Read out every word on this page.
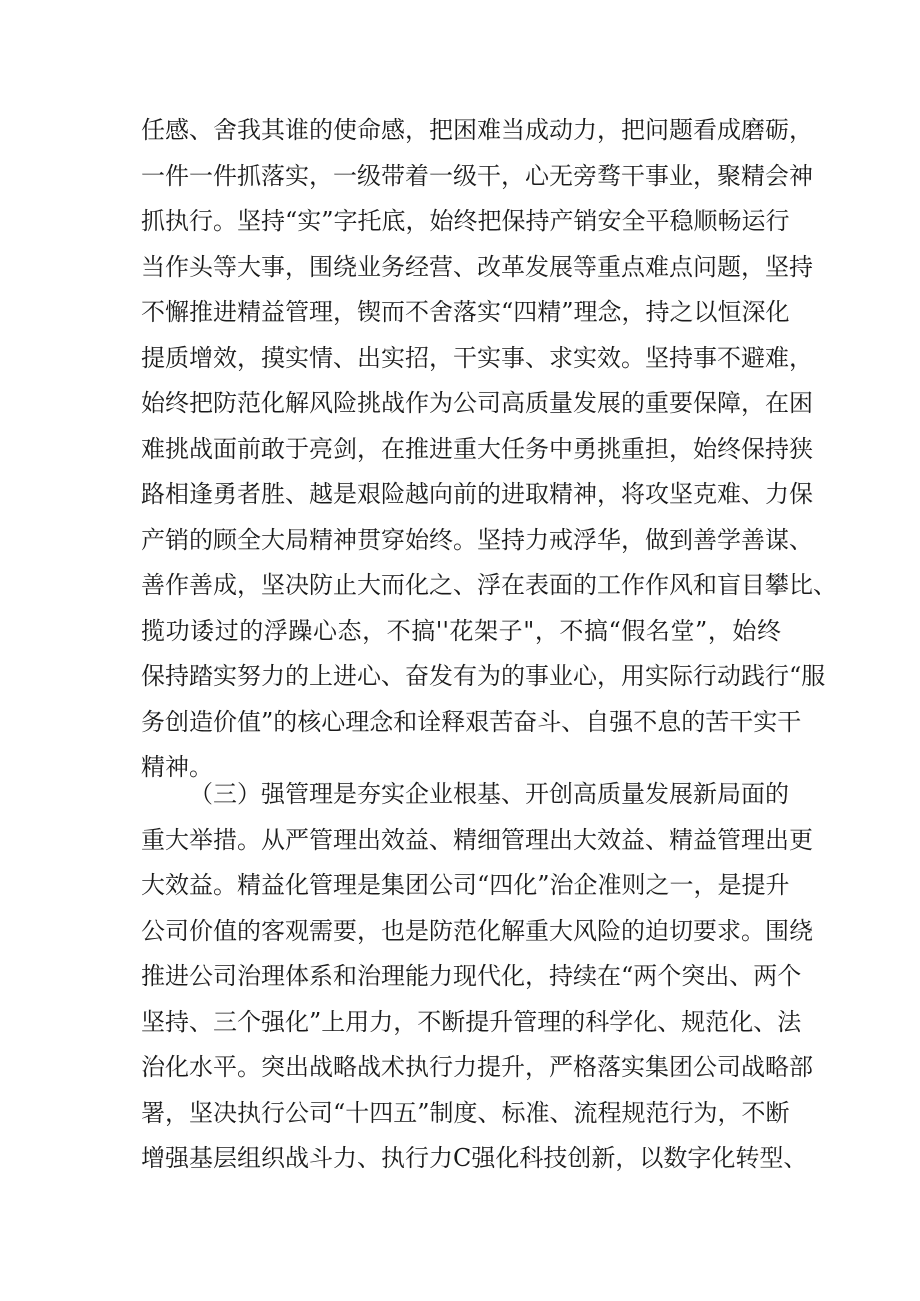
任感、舍我其谁的使命感，把困难当成动力，把问题看成磨砺，
一件一件抓落实，一级带着一级干，心无旁骛干事业，聚精会神
抓执行。坚持“实”字托底，始终把保持产销安全平稳顺畅运行
当作头等大事，围绕业务经营、改革发展等重点难点问题，坚持
不懈推进精益管理，锲而不舍落实“四精”理念，持之以恒深化
提质增效，摸实情、出实招，干实事、求实效。坚持事不避难，
始终把防范化解风险挑战作为公司高质量发展的重要保障，在困
难挑战面前敢于亮剑，在推进重大任务中勇挑重担，始终保持狭
路相逢勇者胜、越是艰险越向前的进取精神，将攻坚克难、力保
产销的顾全大局精神贯穿始终。坚持力戒浮华，做到善学善谋、
善作善成，坚决防止大而化之、浮在表面的工作作风和盲目攀比、
揽功诿过的浮躁心态，不搞''花架子"，不搞“假名堂”，始终
保持踏实努力的上进心、奋发有为的事业心，用实际行动践行“服
务创造价值”的核心理念和诠释艰苦奋斗、自强不息的苦干实干
精神。
（三）强管理是夯实企业根基、开创高质量发展新局面的
重大举措。从严管理出效益、精细管理出大效益、精益管理出更
大效益。精益化管理是集团公司“四化”治企准则之一，是提升
公司价值的客观需要，也是防范化解重大风险的迫切要求。围绕
推进公司治理体系和治理能力现代化，持续在“两个突出、两个
坚持、三个强化”上用力，不断提升管理的科学化、规范化、法
治化水平。突出战略战术执行力提升，严格落实集团公司战略部
署，坚决执行公司“十四五”制度、标准、流程规范行为，不断
增强基层组织战斗力、执行力C强化科技创新，以数字化转型、
